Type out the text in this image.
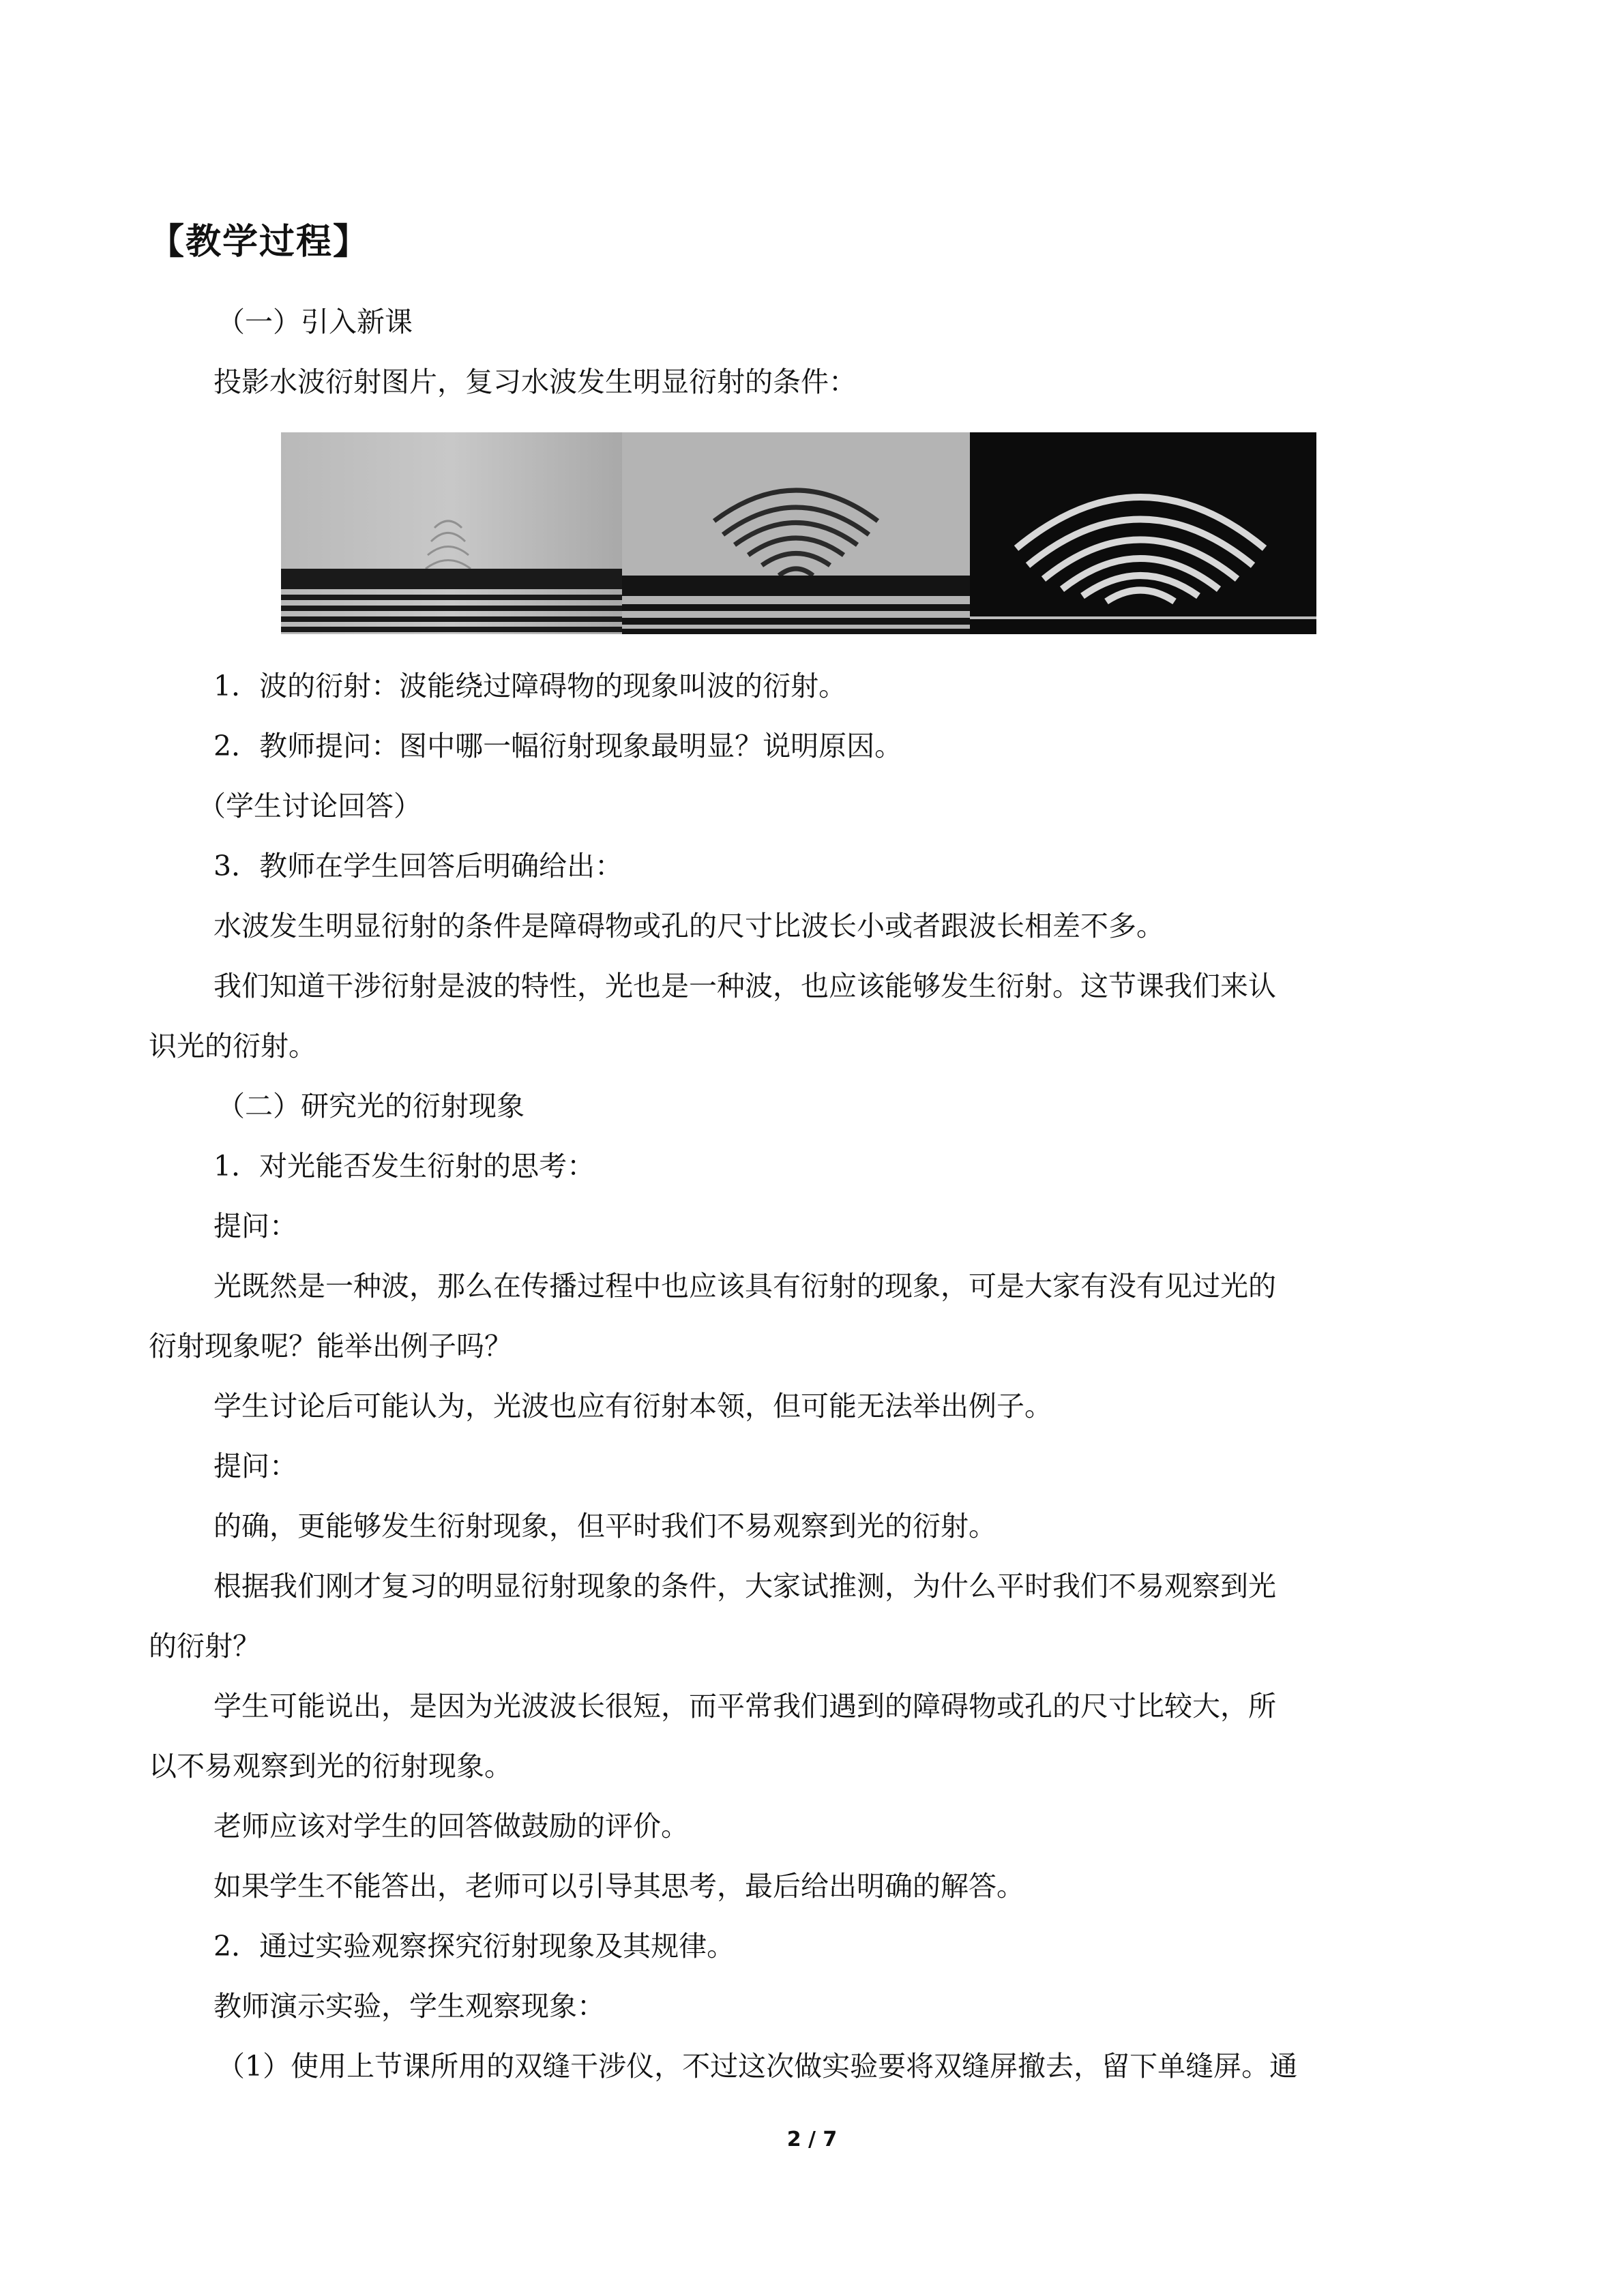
【教学过程】
（一）引入新课
投影水波衍射图片，复习水波发生明显衍射的条件：
1．波的衍射：波能绕过障碍物的现象叫波的衍射。
2．教师提问：图中哪一幅衍射现象最明显？说明原因。
（学生讨论回答）
3．教师在学生回答后明确给出：
水波发生明显衍射的条件是障碍物或孔的尺寸比波长小或者跟波长相差不多。
我们知道干涉衍射是波的特性，光也是一种波，也应该能够发生衍射。这节课我们来认
识光的衍射。
（二）研究光的衍射现象
1．对光能否发生衍射的思考：
提问：
光既然是一种波，那么在传播过程中也应该具有衍射的现象，可是大家有没有见过光的
衍射现象呢？能举出例子吗？
学生讨论后可能认为，光波也应有衍射本领，但可能无法举出例子。
提问：
的确，更能够发生衍射现象，但平时我们不易观察到光的衍射。
根据我们刚才复习的明显衍射现象的条件，大家试推测，为什么平时我们不易观察到光
的衍射？
学生可能说出，是因为光波波长很短，而平常我们遇到的障碍物或孔的尺寸比较大，所
以不易观察到光的衍射现象。
老师应该对学生的回答做鼓励的评价。
如果学生不能答出，老师可以引导其思考，最后给出明确的解答。
2．通过实验观察探究衍射现象及其规律。
教师演示实验，学生观察现象：
（1）使用上节课所用的双缝干涉仪，不过这次做实验要将双缝屏撤去，留下单缝屏。通
2 / 7
